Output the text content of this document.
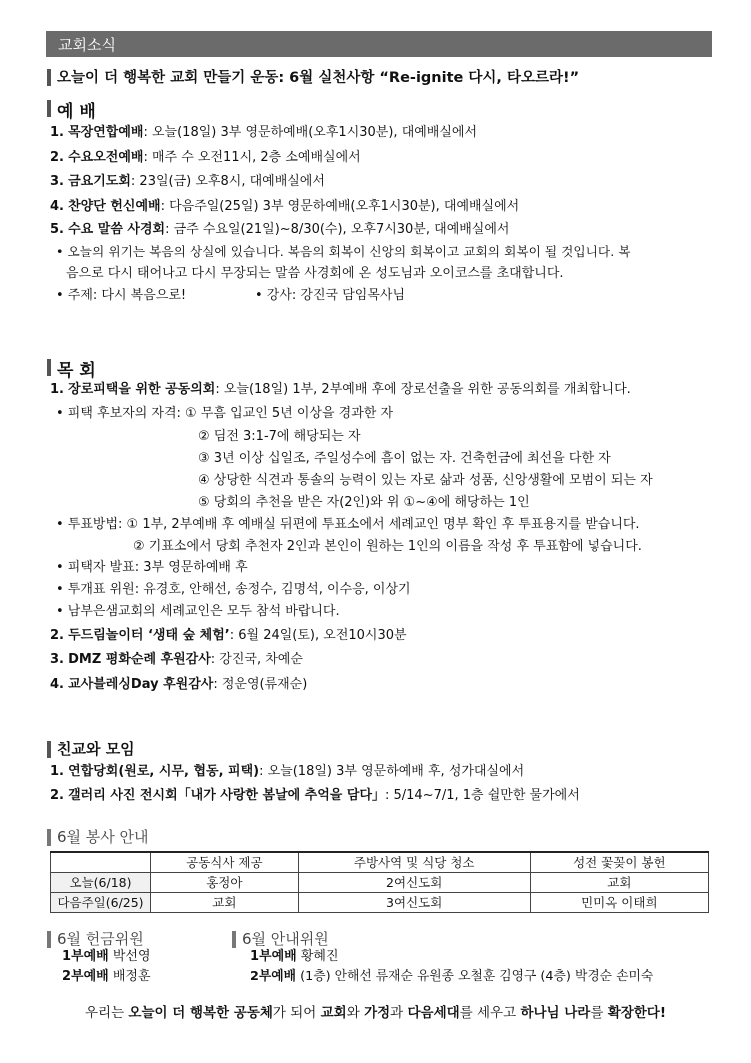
교회소식
오늘이 더 행복한 교회 만들기 운동: 6월 실천사항 “Re-ignite 다시, 타오르라!”
예 배
1. 목장연합예배: 오늘(18일) 3부 영문하예배(오후1시30분), 대예배실에서
2. 수요오전예배: 매주 수 오전11시, 2층 소예배실에서
3. 금요기도회: 23일(금) 오후8시, 대예배실에서
4. 찬양단 헌신예배: 다음주일(25일) 3부 영문하예배(오후1시30분), 대예배실에서
5. 수요 말씀 사경회: 금주 수요일(21일)~8/30(수), 오후7시30분, 대예배실에서
• 오늘의 위기는 복음의 상실에 있습니다. 복음의 회복이 신앙의 회복이고 교회의 회복이 될 것입니다. 복
음으로 다시 태어나고 다시 무장되는 말씀 사경회에 온 성도님과 오이코스를 초대합니다.
• 주제: 다시 복음으로!	• 강사: 강진국 담임목사님
목 회
1. 장로피택을 위한 공동의회: 오늘(18일) 1부, 2부예배 후에 장로선출을 위한 공동의회를 개최합니다.
• 피택 후보자의 자격: ① 무흠 입교인 5년 이상을 경과한 자
② 딤전 3:1-7에 해당되는 자
③ 3년 이상 십일조, 주일성수에 흠이 없는 자. 건축헌금에 최선을 다한 자
④ 상당한 식견과 통솔의 능력이 있는 자로 삶과 성품, 신앙생활에 모범이 되는 자
⑤ 당회의 추천을 받은 자(2인)와 위 ①~④에 해당하는 1인
• 투표방법: ① 1부, 2부예배 후 예배실 뒤편에 투표소에서 세례교인 명부 확인 후 투표용지를 받습니다.
② 기표소에서 당회 추천자 2인과 본인이 원하는 1인의 이름을 작성 후 투표함에 넣습니다.
• 피택자 발표: 3부 영문하예배 후
• 투개표 위원: 유경호, 안해선, 송정수, 김명석, 이수응, 이상기
• 남부은샘교회의 세례교인은 모두 참석 바랍니다.
2. 두드림놀이터 ‘생태 숲 체험’: 6월 24일(토), 오전10시30분
3. DMZ 평화순례 후원감사: 강진국, 차예순
4. 교사블레싱Day 후원감사: 정운영(류재순)
친교와 모임
1. 연합당회(원로, 시무, 협동, 피택): 오늘(18일) 3부 영문하예배 후, 성가대실에서
2. 갤러리 사진 전시회「내가 사랑한 봄날에 추억을 담다」: 5/14~7/1, 1층 쉴만한 물가에서
6월 봉사 안내
	공동식사 제공	주방사역 및 식당 청소	성전 꽃꽂이 봉헌
오늘(6/18)	홍정아	2여신도회	교회
다음주일(6/25)	교회	3여신도회	민미옥 이태희
6월 헌금위원
1부예배 박선영
2부예배 배정훈
6월 안내위원
1부예배 황혜진
2부예배 (1층) 안해선 류재순 유원종 오철훈 김영구 (4층) 박경순 손미숙
우리는 오늘이 더 행복한 공동체가 되어 교회와 가정과 다음세대를 세우고 하나님 나라를 확장한다!
